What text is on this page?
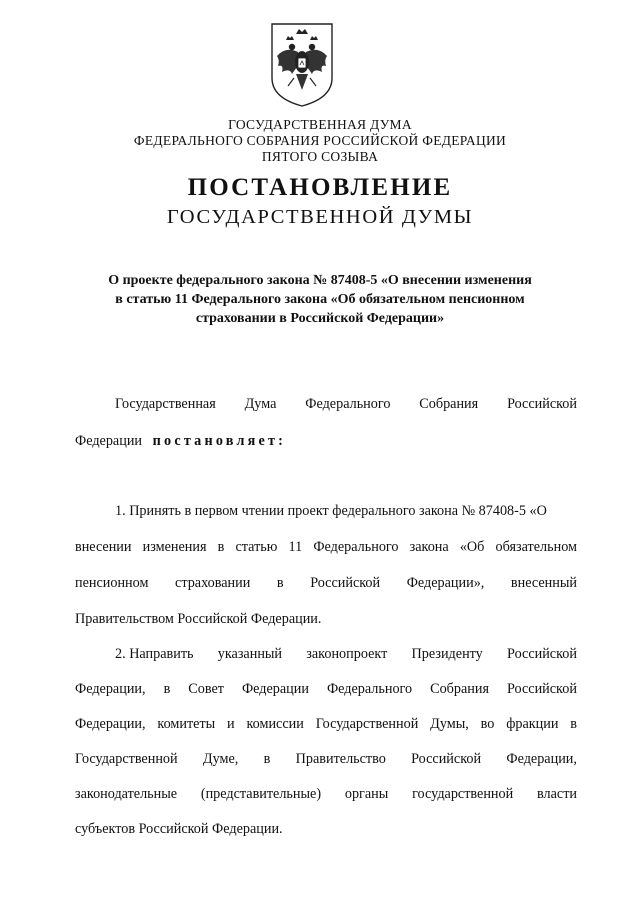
ГОСУДАРСТВЕННАЯ ДУМА
ФЕДЕРАЛЬНОГО СОБРАНИЯ РОССИЙСКОЙ ФЕДЕРАЦИИ
ПЯТОГО СОЗЫВА
ПОСТАНОВЛЕНИЕ
ГОСУДАРСТВЕННОЙ ДУМЫ
О проекте федерального закона № 87408-5 «О внесении изменения
в статью 11 Федерального закона «Об обязательном пенсионном
страховании в Российской Федерации»
Государственная Дума Федерального Собрания Российской
Федерации постановляет:
1. Принять в первом чтении проект федерального закона № 87408-5 «О
внесении изменения в статью 11 Федерального закона «Об обязательном
пенсионном страховании в Российской Федерации», внесенный
Правительством Российской Федерации.
2. Направить указанный законопроект Президенту Российской
Федерации, в Совет Федерации Федерального Собрания Российской
Федерации, комитеты и комиссии Государственной Думы, во фракции в
Государственной Думе, в Правительство Российской Федерации,
законодательные (представительные) органы государственной власти
субъектов Российской Федерации.
